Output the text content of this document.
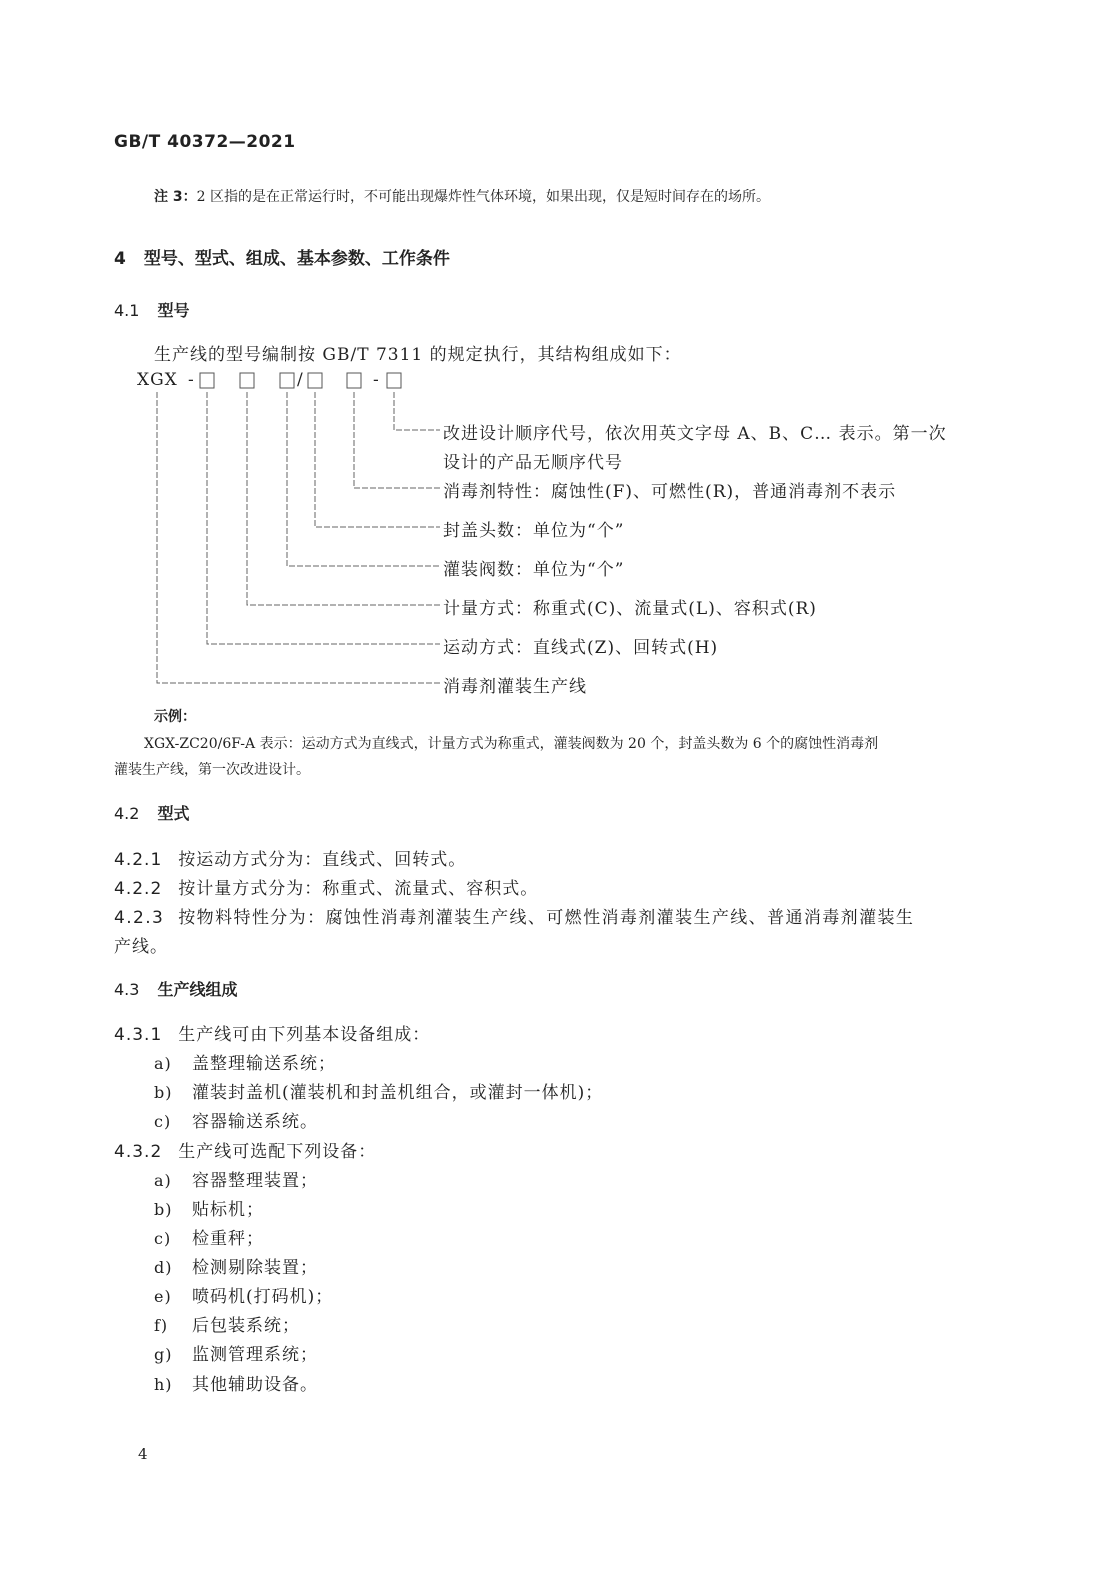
GB/T 40372—2021
注 3：2 区指的是在正常运行时，不可能出现爆炸性气体环境，如果出现，仅是短时间存在的场所。
4 型号、型式、组成、基本参数、工作条件
4.1 型号
生产线的型号编制按 GB/T 7311 的规定执行，其结构组成如下：
XGX -	/	-
改进设计顺序代号，依次用英文字母 A、B、C… 表示。第一次
设计的产品无顺序代号
消毒剂特性：腐蚀性(F)、可燃性(R)，普通消毒剂不表示
封盖头数：单位为“个”
灌装阀数：单位为“个”
计量方式：称重式(C)、流量式(L)、容积式(R)
运动方式：直线式(Z)、回转式(H)
消毒剂灌装生产线
示例：
XGX-ZC20/6F-A 表示：运动方式为直线式，计量方式为称重式，灌装阀数为 20 个，封盖头数为 6 个的腐蚀性消毒剂
灌装生产线，第一次改进设计。
4.2 型式
4.2.1 按运动方式分为：直线式、回转式。
4.2.2 按计量方式分为：称重式、流量式、容积式。
4.2.3 按物料特性分为：腐蚀性消毒剂灌装生产线、可燃性消毒剂灌装生产线、普通消毒剂灌装生
产线。
4.3 生产线组成
4.3.1 生产线可由下列基本设备组成：
a) 盖整理输送系统；
b) 灌装封盖机(灌装机和封盖机组合，或灌封一体机)；
c) 容器输送系统。
4.3.2 生产线可选配下列设备：
a) 容器整理装置；
b) 贴标机；
c) 检重秤；
d) 检测剔除装置；
e) 喷码机(打码机)；
f) 后包装系统；
g) 监测管理系统；
h) 其他辅助设备。
4
